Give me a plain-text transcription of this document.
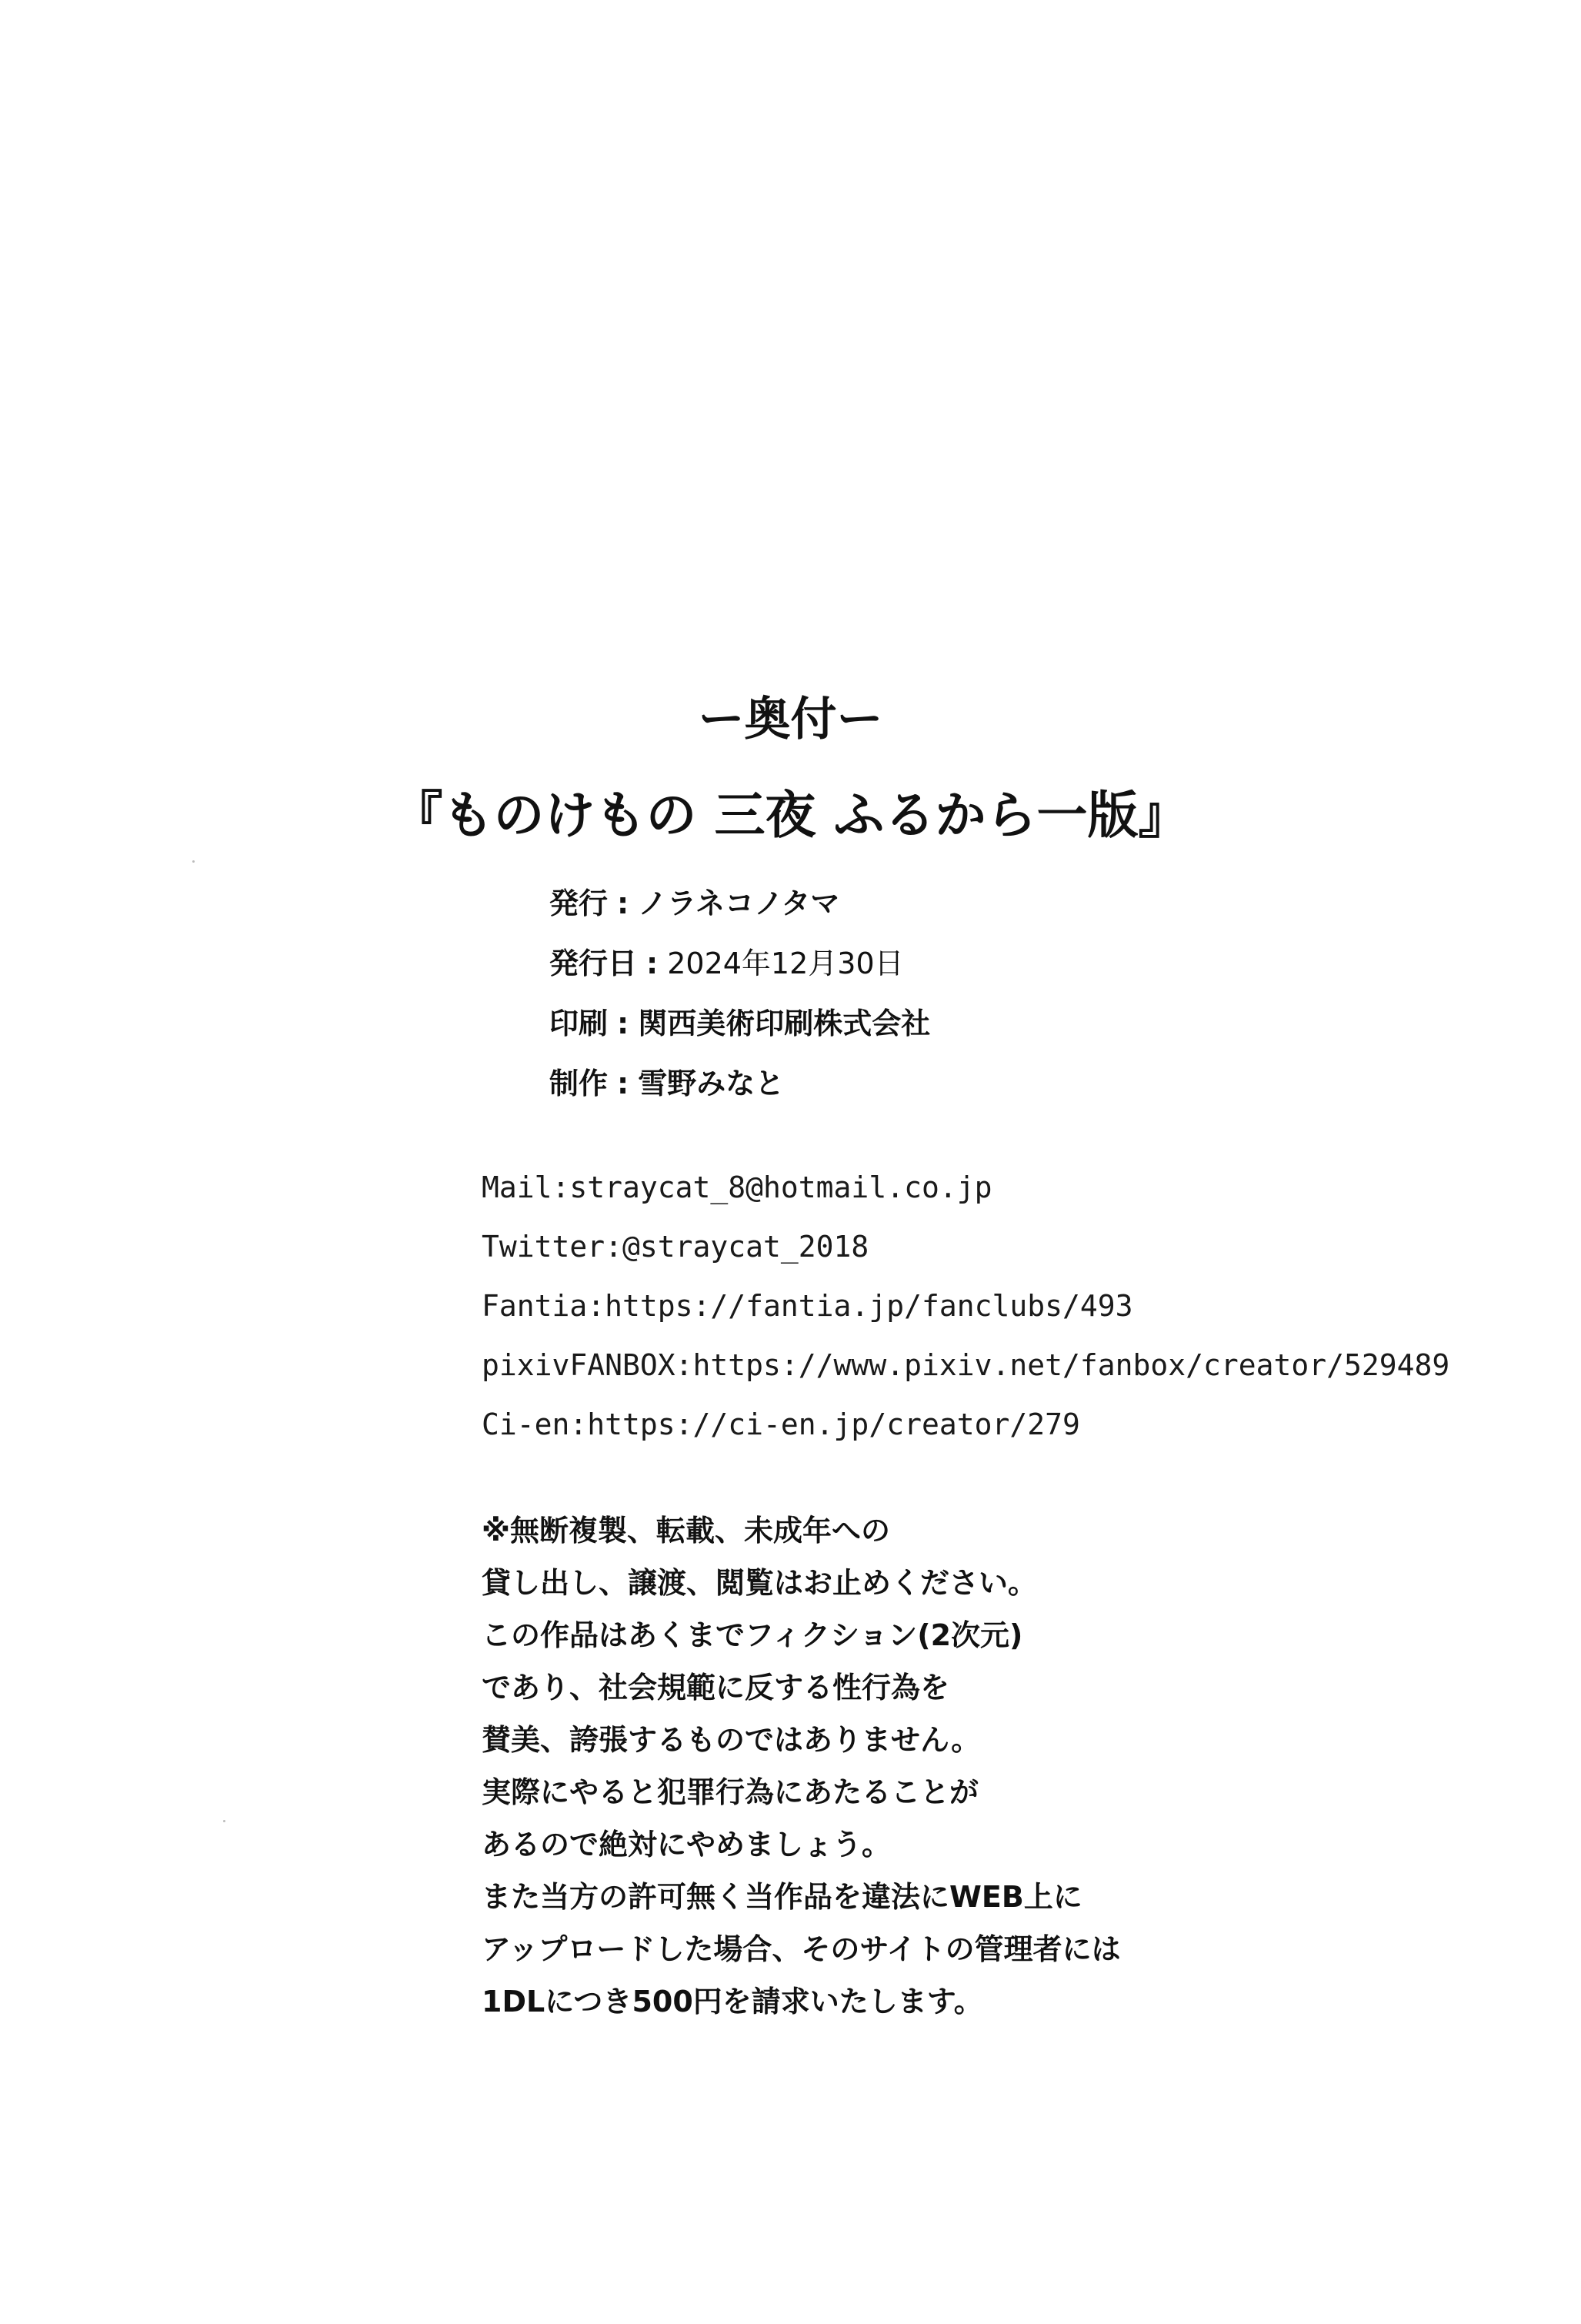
ー奥付ー
『ものけもの 三夜 ふるから一版』
発行 : ノラネコノタマ
発行日 : 2024年12月30日
印刷 : 関西美術印刷株式会社
制作 : 雪野みなと
Mail:straycat_8@hotmail.co.jp
Twitter:@straycat_2018
Fantia:https://fantia.jp/fanclubs/493
pixivFANBOX:https://www.pixiv.net/fanbox/creator/529489
Ci-en:https://ci-en.jp/creator/279
※無断複製、転載、未成年への
貸し出し、譲渡、閲覧はお止めください。
この作品はあくまでフィクション(2次元)
であり、社会規範に反する性行為を
賛美、誇張するものではありません。
実際にやると犯罪行為にあたることが
あるので絶対にやめましょう。
また当方の許可無く当作品を違法にWEB上に
アップロードした場合、そのサイトの管理者には
1DLにつき500円を請求いたします。
